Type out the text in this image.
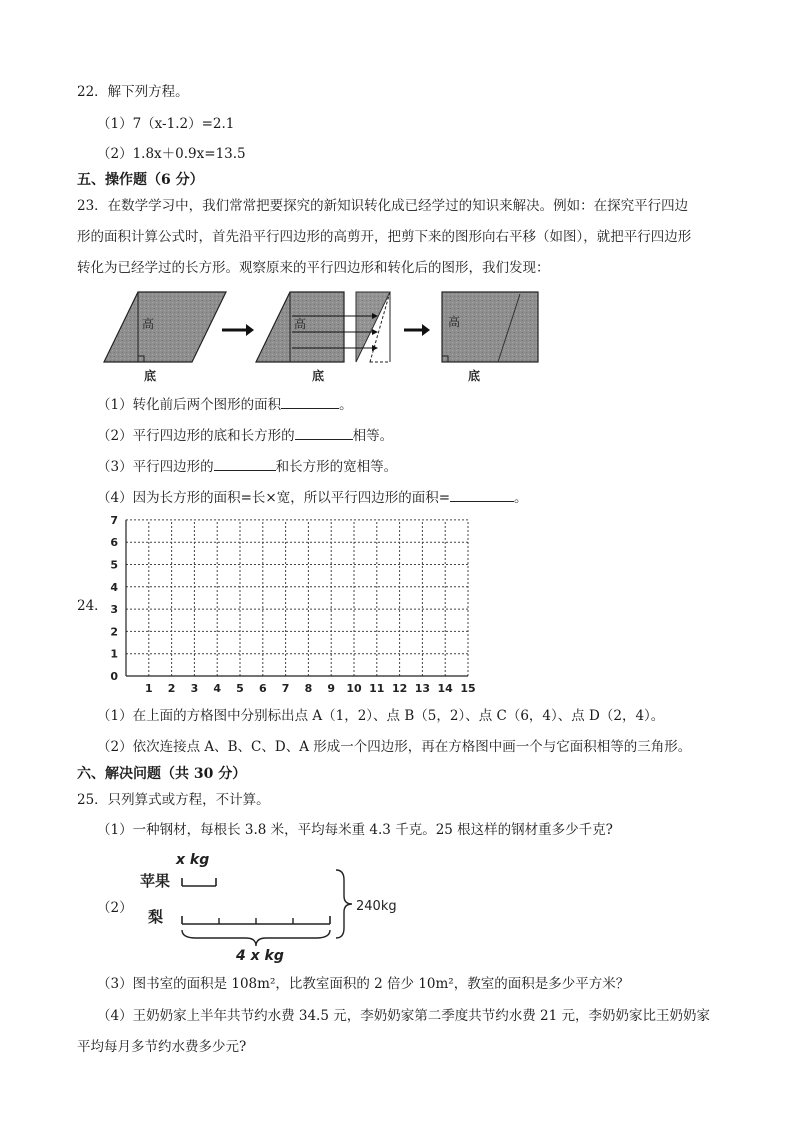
22．解下列方程。
（1）7（x-1.2）=2.1
（2）1.8x＋0.9x=13.5
五、操作题（6 分）
23．在数学学习中，我们常常把要探究的新知识转化成已经学过的知识来解决。例如：在探究平行四边
形的面积计算公式时，首先沿平行四边形的高剪开，把剪下来的图形向右平移（如图），就把平行四边形
转化为已经学过的长方形。观察原来的平行四边形和转化后的图形，我们发现：
高
底
高
底
高
底
（1）转化前后两个图形的面积	。
（2）平行四边形的底和长方形的	相等。
（3）平行四边形的	和长方形的宽相等。
（4）因为长方形的面积=长×宽，所以平行四边形的面积=	。
24．
1 2 3 4 5 6 7 8 9 10 11 12 13 14 15
0
1
2
3
4
5
6
7
（1）在上面的方格图中分别标出点 A（1，2）、点 B（5，2）、点 C（6，4）、点 D（2，4）。
（2）依次连接点 A、B、C、D、A 形成一个四边形，再在方格图中画一个与它面积相等的三角形。
六、解决问题（共 30 分）
25．只列算式或方程，不计算。
（1）一种钢材，每根长 3.8 米，平均每米重 4.3 千克。25 根这样的钢材重多少千克?
（2）
x kg
苹果
梨
4 x kg
240kg
（3）图书室的面积是 108m²，比教室面积的 2 倍少 10m²，教室的面积是多少平方米？
（4）王奶奶家上半年共节约水费 34.5 元，李奶奶家第二季度共节约水费 21 元，李奶奶家比王奶奶家
平均每月多节约水费多少元?
